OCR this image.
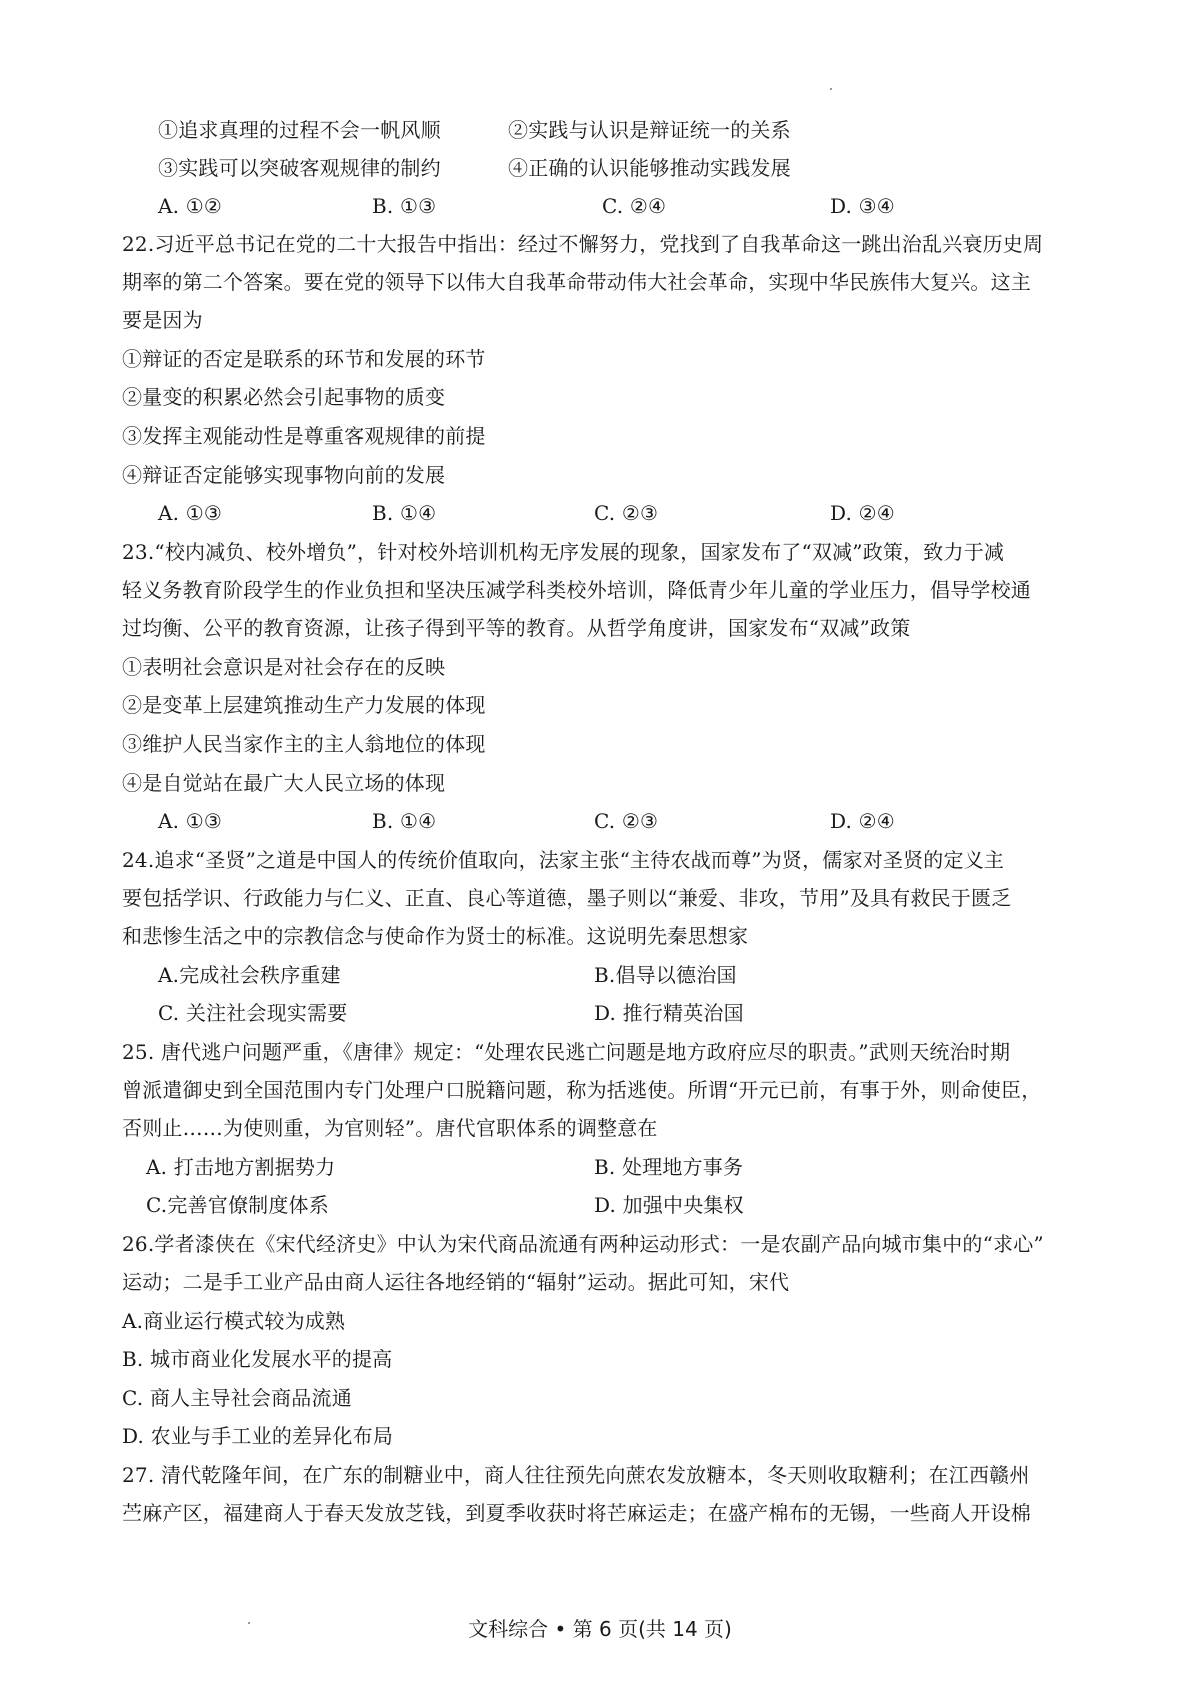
①追求真理的过程不会一帆风顺	②实践与认识是辩证统一的关系
③实践可以突破客观规律的制约	④正确的认识能够推动实践发展
A. ①②	B. ①③	C. ②④	D. ③④
22.习近平总书记在党的二十大报告中指出：经过不懈努力，党找到了自我革命这一跳出治乱兴衰历史周
期率的第二个答案。要在党的领导下以伟大自我革命带动伟大社会革命，实现中华民族伟大复兴。这主
要是因为
①辩证的否定是联系的环节和发展的环节
②量变的积累必然会引起事物的质变
③发挥主观能动性是尊重客观规律的前提
④辩证否定能够实现事物向前的发展
A. ①③	B. ①④	C. ②③	D. ②④
23.“校内减负、校外增负”，针对校外培训机构无序发展的现象，国家发布了“双减”政策，致力于减
轻义务教育阶段学生的作业负担和坚决压减学科类校外培训，降低青少年儿童的学业压力，倡导学校通
过均衡、公平的教育资源，让孩子得到平等的教育。从哲学角度讲，国家发布“双减”政策
①表明社会意识是对社会存在的反映
②是变革上层建筑推动生产力发展的体现
③维护人民当家作主的主人翁地位的体现
④是自觉站在最广大人民立场的体现
A. ①③	B. ①④	C. ②③	D. ②④
24.追求“圣贤”之道是中国人的传统价值取向，法家主张“主待农战而尊”为贤，儒家对圣贤的定义主
要包括学识、行政能力与仁义、正直、良心等道德，墨子则以“兼爱、非攻，节用”及具有救民于匮乏
和悲惨生活之中的宗教信念与使命作为贤士的标准。这说明先秦思想家
A.完成社会秩序重建	B.倡导以德治国
C. 关注社会现实需要	D. 推行精英治国
25. 唐代逃户问题严重，《唐律》规定：“处理农民逃亡问题是地方政府应尽的职责。”武则天统治时期
曾派遣御史到全国范围内专门处理户口脱籍问题，称为括逃使。所谓“开元已前，有事于外，则命使臣，
否则止……为使则重，为官则轻”。唐代官职体系的调整意在
A. 打击地方割据势力	B. 处理地方事务
C.完善官僚制度体系	D. 加强中央集权
26.学者漆侠在《宋代经济史》中认为宋代商品流通有两种运动形式：一是农副产品向城市集中的“求心”
运动；二是手工业产品由商人运往各地经销的“辐射”运动。据此可知，宋代
A.商业运行模式较为成熟
B. 城市商业化发展水平的提高
C. 商人主导社会商品流通
D. 农业与手工业的差异化布局
27. 清代乾隆年间，在广东的制糖业中，商人往往预先向蔗农发放糖本，冬天则收取糖利；在江西赣州
苎麻产区，福建商人于春天发放芝钱，到夏季收获时将芒麻运走；在盛产棉布的无锡，一些商人开设棉
文科综合 • 第 6 页(共 14 页)
